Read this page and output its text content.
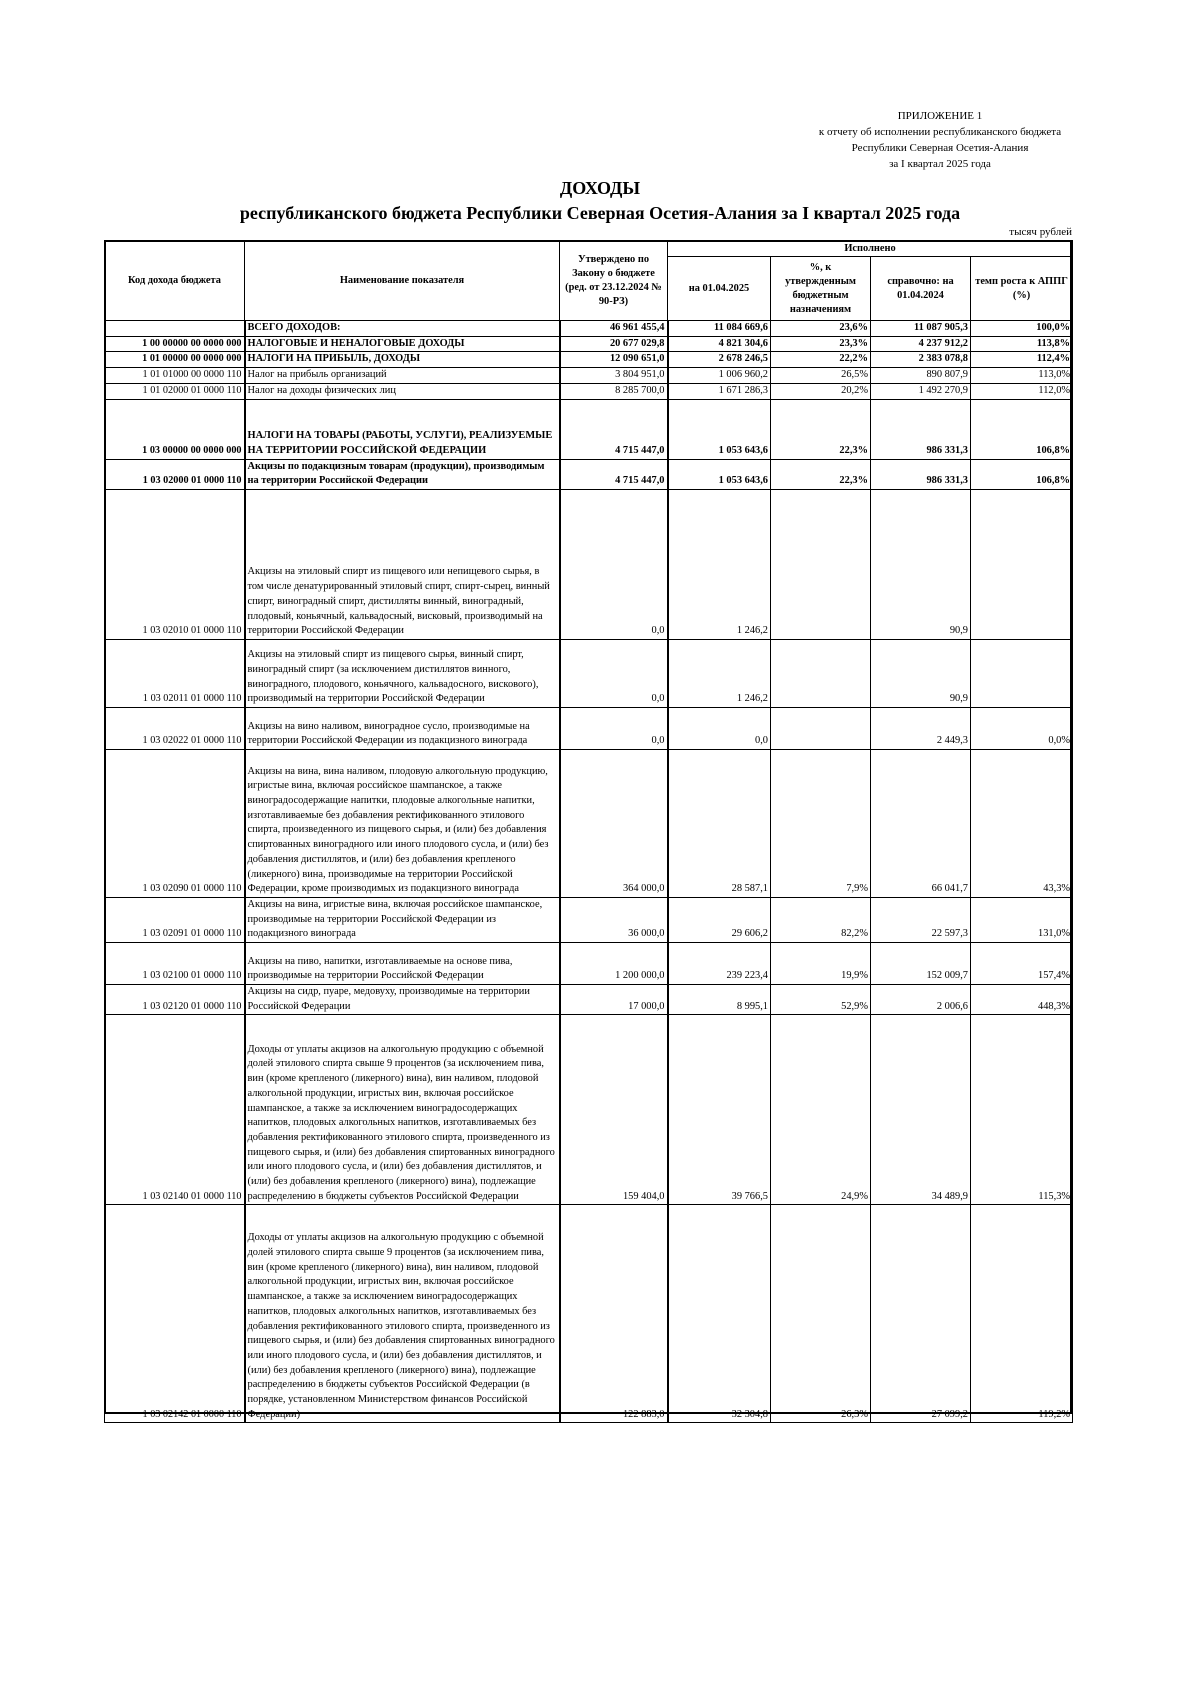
ПРИЛОЖЕНИЕ 1
к отчету об исполнении республиканского бюджета
Республики Северная Осетия-Алания
за I квартал 2025 года
ДОХОДЫ
республиканского бюджета Республики Северная Осетия-Алания за I квартал 2025 года
тысяч рублей
Код дохода бюджета	Наименование показателя	Утверждено по Закону о бюджете (ред. от 23.12.2024 № 90-РЗ)	Исполнено			
			на 01.04.2025	%, к утвержденным бюджетным назначениям	справочно: на 01.04.2024	темп роста к АППГ (%)
	ВСЕГО ДОХОДОВ:	46 961 455,4	11 084 669,6	23,6%	11 087 905,3	100,0%
1 00 00000 00 0000 000	НАЛОГОВЫЕ И НЕНАЛОГОВЫЕ ДОХОДЫ	20 677 029,8	4 821 304,6	23,3%	4 237 912,2	113,8%
1 01 00000 00 0000 000	НАЛОГИ НА ПРИБЫЛЬ, ДОХОДЫ	12 090 651,0	2 678 246,5	22,2%	2 383 078,8	112,4%
1 01 01000 00 0000 110	Налог на прибыль организаций	3 804 951,0	1 006 960,2	26,5%	890 807,9	113,0%
1 01 02000 01 0000 110	Налог на доходы физических лиц	8 285 700,0	1 671 286,3	20,2%	1 492 270,9	112,0%
1 03 00000 00 0000 000	НАЛОГИ НА ТОВАРЫ (РАБОТЫ, УСЛУГИ), РЕАЛИЗУЕМЫЕ НА ТЕРРИТОРИИ РОССИЙСКОЙ ФЕДЕРАЦИИ	4 715 447,0	1 053 643,6	22,3%	986 331,3	106,8%
1 03 02000 01 0000 110	Акцизы по подакцизным товарам (продукции), производимым на территории Российской Федерации	4 715 447,0	1 053 643,6	22,3%	986 331,3	106,8%
1 03 02010 01 0000 110	Акцизы на этиловый спирт из пищевого или непищевого сырья, в том числе денатурированный этиловый спирт, спирт-сырец, винный спирт, виноградный спирт, дистилляты винный, виноградный, плодовый, коньячный, кальвадосный, висковый, производимый на территории Российской Федерации	0,0	1 246,2		90,9	
1 03 02011 01 0000 110	Акцизы на этиловый спирт из пищевого сырья, винный спирт, виноградный спирт (за исключением дистиллятов винного, виноградного, плодового, коньячного, кальвадосного, вискового), производимый на территории Российской Федерации	0,0	1 246,2		90,9	
1 03 02022 01 0000 110	Акцизы на вино наливом, виноградное сусло, производимые на территории Российской Федерации из подакцизного винограда	0,0	0,0		2 449,3	0,0%
1 03 02090 01 0000 110	Акцизы на вина, вина наливом, плодовую алкогольную продукцию, игристые вина, включая российское шампанское, а также виноградосодержащие напитки, плодовые алкогольные напитки, изготавливаемые без добавления ректификованного этилового спирта, произведенного из пищевого сырья, и (или) без добавления спиртованных виноградного или иного плодового сусла, и (или) без добавления дистиллятов, и (или) без добавления крепленого (ликерного) вина, производимые на территории Российской Федерации, кроме производимых из подакцизного винограда	364 000,0	28 587,1	7,9%	66 041,7	43,3%
1 03 02091 01 0000 110	Акцизы на вина, игристые вина, включая российское шампанское, производимые на территории Российской Федерации из подакцизного винограда	36 000,0	29 606,2	82,2%	22 597,3	131,0%
1 03 02100 01 0000 110	Акцизы на пиво, напитки, изготавливаемые на основе пива, производимые на территории Российской Федерации	1 200 000,0	239 223,4	19,9%	152 009,7	157,4%
1 03 02120 01 0000 110	Акцизы на сидр, пуаре, медовуху, производимые на территории Российской Федерации	17 000,0	8 995,1	52,9%	2 006,6	448,3%
1 03 02140 01 0000 110	Доходы от уплаты акцизов на алкогольную продукцию с объемной долей этилового спирта свыше 9 процентов (за исключением пива, вин (кроме крепленого (ликерного) вина), вин наливом, плодовой алкогольной продукции, игристых вин, включая российское шампанское, а также за исключением виноградосодержащих напитков, плодовых алкогольных напитков, изготавливаемых без добавления ректификованного этилового спирта, произведенного из пищевого сырья, и (или) без добавления спиртованных виноградного или иного плодового сусла, и (или) без добавления дистиллятов, и (или) без добавления крепленого (ликерного) вина), подлежащие распределению в бюджеты субъектов Российской Федерации	159 404,0	39 766,5	24,9%	34 489,9	115,3%
1 03 02142 01 0000 110	Доходы от уплаты акцизов на алкогольную продукцию с объемной долей этилового спирта свыше 9 процентов (за исключением пива, вин (кроме крепленого (ликерного) вина), вин наливом, плодовой алкогольной продукции, игристых вин, включая российское шампанское, а также за исключением виноградосодержащих напитков, плодовых алкогольных напитков, изготавливаемых без добавления ректификованного этилового спирта, произведенного из пищевого сырья, и (или) без добавления спиртованных виноградного или иного плодового сусла, и (или) без добавления дистиллятов, и (или) без добавления крепленого (ликерного) вина), подлежащие распределению в бюджеты субъектов Российской Федерации (в порядке, установленном Министерством финансов Российской Федерации)	122 883,0	32 304,8	26,3%	27 099,2	119,2%
